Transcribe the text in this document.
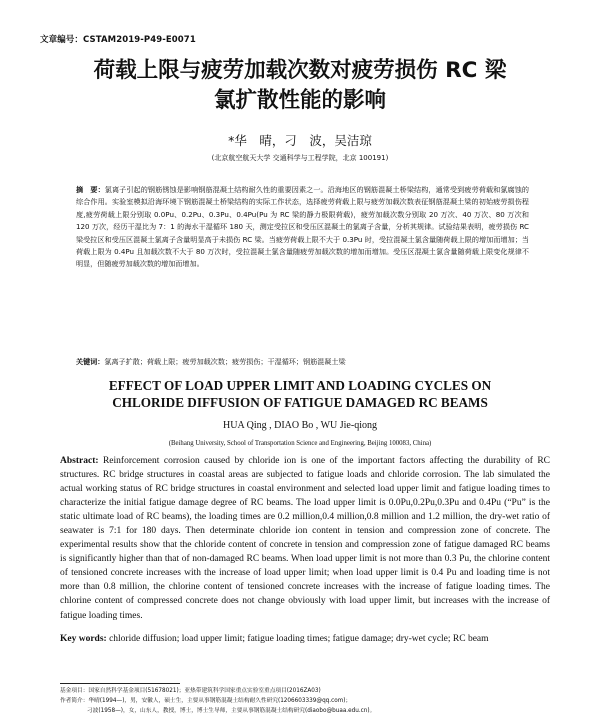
文章编号：CSTAM2019-P49-E0071
荷载上限与疲劳加载次数对疲劳损伤 RC 梁
氯扩散性能的影响
*华　晴，刁　波，吴洁琼
(北京航空航天大学 交通科学与工程学院，北京 100191)
摘　要：氯离子引起的钢筋锈蚀是影响钢筋混凝土结构耐久性的重要因素之一。沿海地区的钢筋混凝土桥梁结构，通常受到疲劳荷载和氯腐蚀的综合作用。实验室模拟沿海环境下钢筋混凝土桥梁结构的实际工作状态，选择疲劳荷载上限与疲劳加载次数表征钢筋混凝土梁的初始疲劳损伤程度,疲劳荷载上限分别取 0.0Pu、0.2Pu、0.3Pu、0.4Pu(Pu 为 RC 梁的静力极限荷载)，疲劳加载次数分别取 20 万次、40 万次、80 万次和 120 万次，经历干湿比为 7：1 的海水干湿循环 180 天，测定受拉区和受压区混凝土的氯离子含量，分析其规律。试验结果表明，疲劳损伤 RC 梁受拉区和受压区混凝土氯离子含量明显高于未损伤 RC 梁。当疲劳荷载上限不大于 0.3Pu 时，受拉混凝土氯含量随荷载上限的增加而增加；当荷载上限为 0.4Pu 且加载次数不大于 80 万次时，受拉混凝土氯含量随疲劳加载次数的增加而增加。受压区混凝土氯含量随荷载上限变化规律不明显，但随疲劳加载次数的增加而增加。
关键词：氯离子扩散；荷载上限；疲劳加载次数；疲劳损伤；干湿循环；钢筋混凝土梁
EFFECT OF LOAD UPPER LIMIT AND LOADING CYCLES ON
CHLORIDE DIFFUSION OF FATIGUE DAMAGED RC BEAMS
HUA Qing , DIAO Bo , WU Jie-qiong
(Beihang University, School of Transportation Science and Engineering, Beijing 100083, China)
Abstract: Reinforcement corrosion caused by chloride ion is one of the important factors affecting the durability of RC structures. RC bridge structures in coastal areas are subjected to fatigue loads and chloride corrosion. The lab simulated the actual working status of RC bridge structures in coastal environment and selected load upper limit and fatigue loading times to characterize the initial fatigue damage degree of RC beams. The load upper limit is 0.0Pu,0.2Pu,0.3Pu and 0.4Pu (“Pu” is the static ultimate load of RC beams), the loading times are 0.2 million,0.4 million,0.8 million and 1.2 million, the dry-wet ratio of seawater is 7:1 for 180 days. Then determinate chloride ion content in tension and compression zone of concrete. The experimental results show that the chloride content of concrete in tension and compression zone of fatigue damaged RC beams is significantly higher than that of non-damaged RC beams. When load upper limit is not more than 0.3 Pu, the chlorine content of tensioned concrete increases with the increase of load upper limit; when load upper limit is 0.4 Pu and loading time is not more than 0.8 million, the chlorine content of tensioned concrete increases with the increase of fatigue loading times. The chlorine content of compressed concrete does not change obviously with load upper limit, but increases with the increase of fatigue loading times.
Key words: chloride diffusion; load upper limit; fatigue loading times; fatigue damage; dry-wet cycle; RC beam
基金项目：国家自然科学基金项目(51678021)；亚热带建筑科学国家重点实验室重点项目(2016ZA03)
作者简介：华晴(1994—)，男，安徽人，硕士生，主要从事钢筋混凝土结构耐久性研究(1206603339@qq.com)；
刁波(1958—)，女，山东人，教授，博士，博士生导师，主要从事钢筋混凝土结构研究(diaobo@buaa.edu.cn)。
